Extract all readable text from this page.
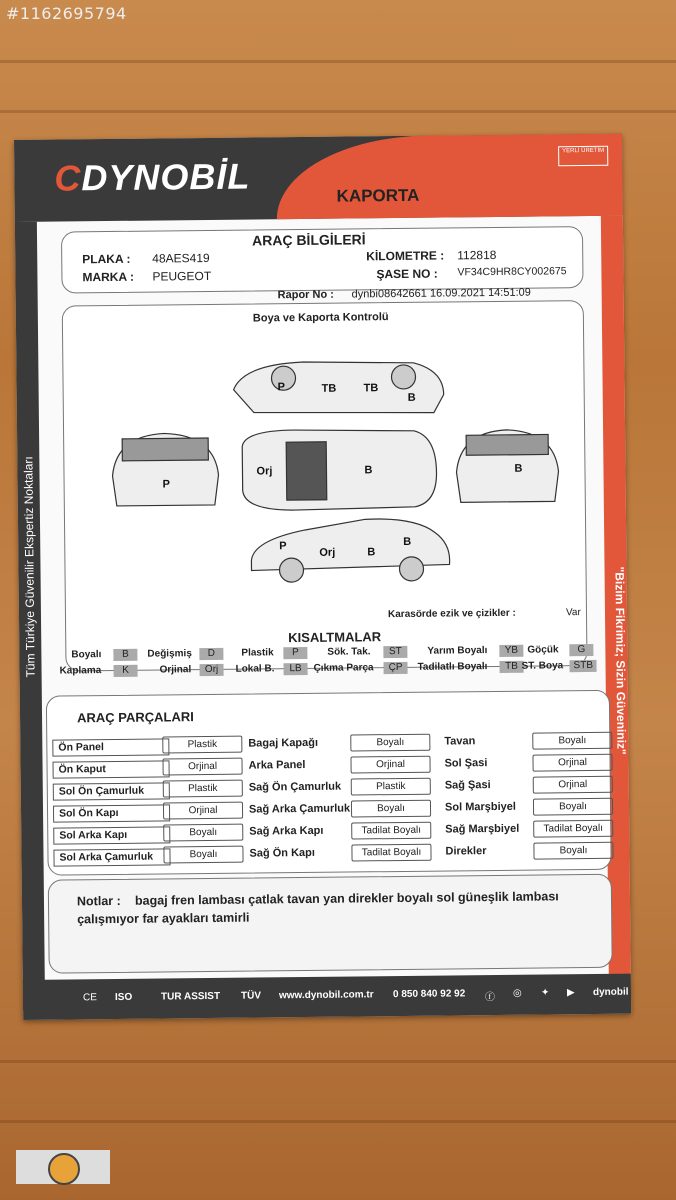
#1162695794
CDYNOBİL	KAPORTA
YERLİ ÜRETİM
Tüm Türkiye Güvenilir Ekspertiz Noktaları	"Bizim Fikrimiz; Sizin Güveniniz"
ARAÇ BİLGİLERİ
PLAKA : 48AES419
MARKA : PEUGEOT
KİLOMETRE : 112818
ŞASE NO : VF34C9HR8CY002675
Rapor No : dynbi08642661 16.09.2021 14:51:09
Boya ve Kaporta Kontrolü
P	TB TB
B
P
Orj	B	B
P
Orj	B
B
Karasörde ezik ve çizikler :	Var
KISALTMALAR
Boyalı	B	Değişmiş	D	Plastik	P	Sök. Tak.	ST	Yarım Boyalı	YB Göçük	G
Kaplama	K	Orjinal	Orj	Lokal B.	LB	Çıkma Parça	ÇP	Tadilatlı Boyalı	TB ST. Boya	STB
ARAÇ PARÇALARI
Ön Panel	Plastik	Bagaj Kapağı	Boyalı	Tavan	Boyalı
Ön Kaput	Orjinal	Arka Panel	Orjinal	Sol Şasi	Orjinal
Sol Ön Çamurluk	Plastik	Sağ Ön Çamurluk	Plastik	Sağ Şasi	Orjinal
Sol Ön Kapı	Orjinal	Sağ Arka Çamurluk	Boyalı	Sol Marşbiyel	Boyalı
Sol Arka Kapı	Boyalı	Sağ Arka Kapı	Tadilat Boyalı	Sağ Marşbiyel	Tadilat Boyalı
Sol Arka Çamurluk	Boyalı	Sağ Ön Kapı	Tadilat Boyalı	Direkler	Boyalı
Notlar : bagaj fren lambası çatlak tavan yan direkler boyalı sol güneşlik lambası
çalışmıyor far ayakları tamirli
CE ISO	TUR ASSIST TÜV www.dynobil.com.tr 0 850 840 92 92 ⓕ ◎ ✦ ▶ dynobil
